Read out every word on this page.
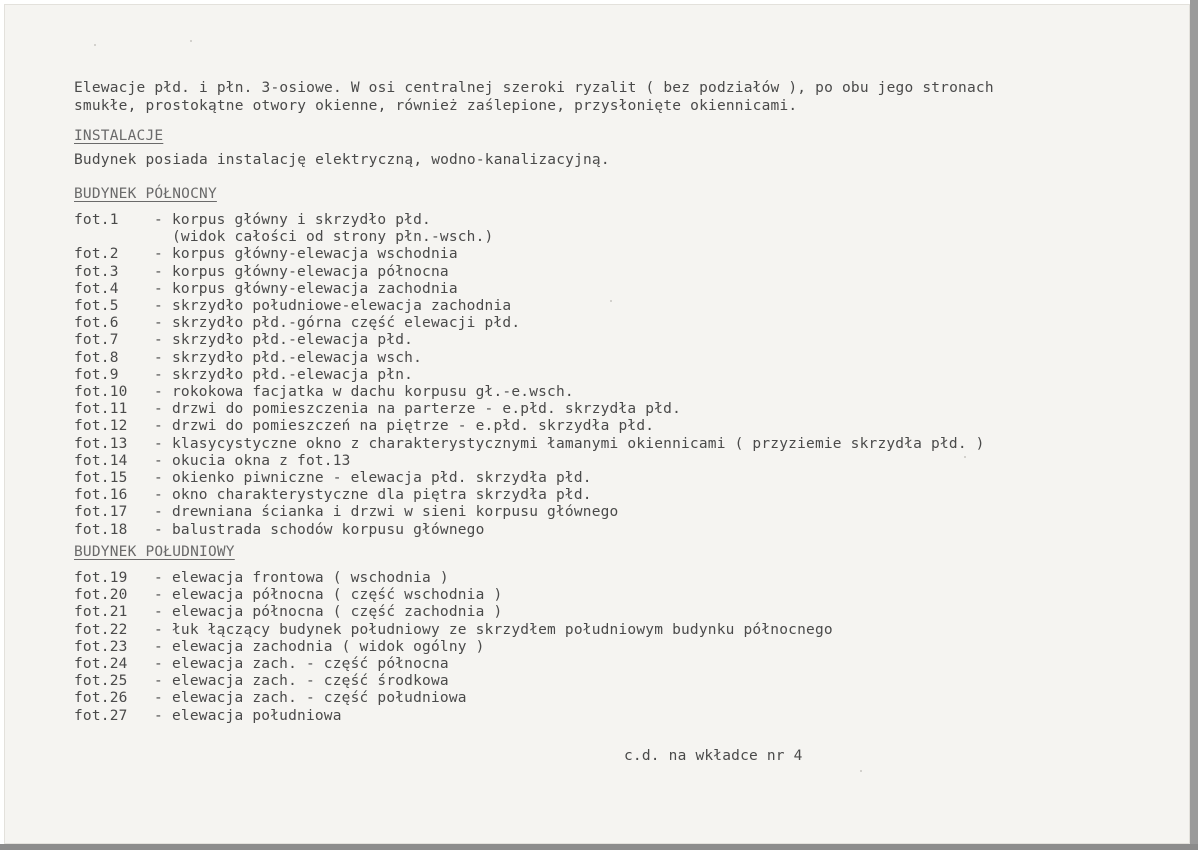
Elewacje płd. i płn. 3-osiowe. W osi centralnej szeroki ryzalit ( bez podziałów ), po obu jego stronach
smukłe, prostokątne otwory okienne, również zaślepione, przysłonięte okiennicami.
INSTALACJE
Budynek posiada instalację elektryczną, wodno-kanalizacyjną.
BUDYNEK PÓŁNOCNY
fot.1 - korpus główny i skrzydło płd.
(widok całości od strony płn.-wsch.)
fot.2 - korpus główny-elewacja wschodnia
fot.3 - korpus główny-elewacja północna
fot.4 - korpus główny-elewacja zachodnia
fot.5 - skrzydło południowe-elewacja zachodnia
fot.6 - skrzydło płd.-górna część elewacji płd.
fot.7 - skrzydło płd.-elewacja płd.
fot.8 - skrzydło płd.-elewacja wsch.
fot.9 - skrzydło płd.-elewacja płn.
fot.10 - rokokowa facjatka w dachu korpusu gł.-e.wsch.
fot.11 - drzwi do pomieszczenia na parterze - e.płd. skrzydła płd.
fot.12 - drzwi do pomieszczeń na piętrze - e.płd. skrzydła płd.
fot.13 - klasycystyczne okno z charakterystycznymi łamanymi okiennicami ( przyziemie skrzydła płd. )
fot.14 - okucia okna z fot.13
fot.15 - okienko piwniczne - elewacja płd. skrzydła płd.
fot.16 - okno charakterystyczne dla piętra skrzydła płd.
fot.17 - drewniana ścianka i drzwi w sieni korpusu głównego
fot.18 - balustrada schodów korpusu głównego
BUDYNEK POŁUDNIOWY
fot.19 - elewacja frontowa ( wschodnia )
fot.20 - elewacja północna ( część wschodnia )
fot.21 - elewacja północna ( część zachodnia )
fot.22 - łuk łączący budynek południowy ze skrzydłem południowym budynku północnego
fot.23 - elewacja zachodnia ( widok ogólny )
fot.24 - elewacja zach. - część północna
fot.25 - elewacja zach. - część środkowa
fot.26 - elewacja zach. - część południowa
fot.27 - elewacja południowa
c.d. na wkładce nr 4
